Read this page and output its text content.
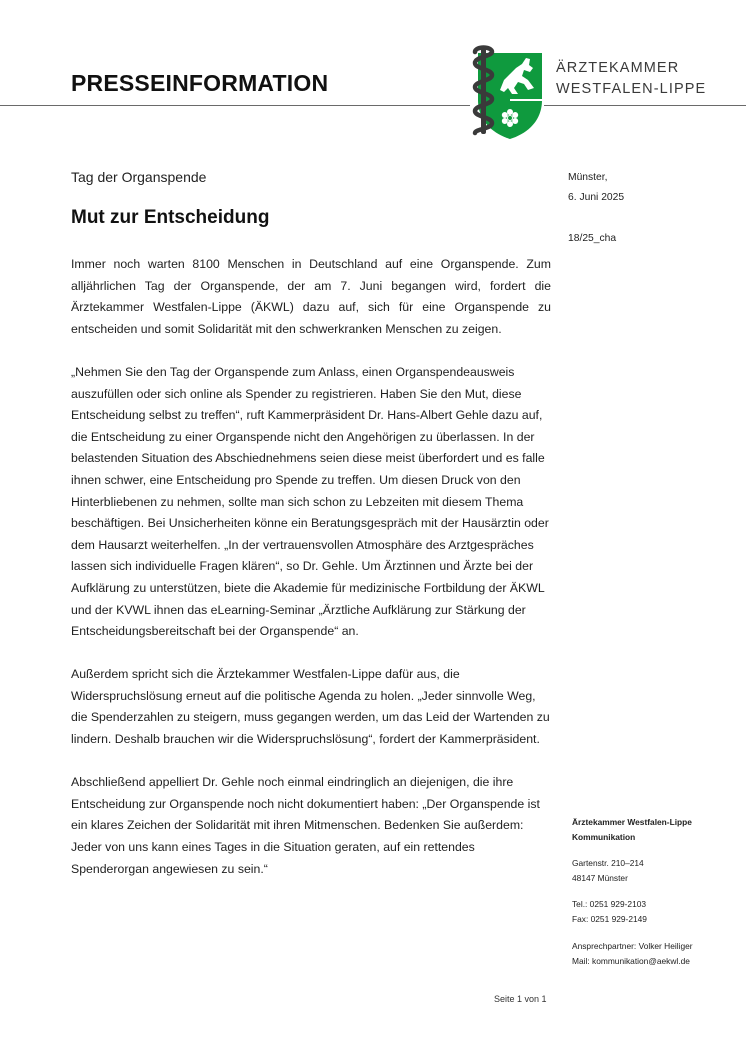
PRESSEINFORMATION
ÄRZTEKAMMER
WESTFALEN-LIPPE
Tag der Organspende
Mut zur Entscheidung

Immer noch warten 8100 Menschen in Deutschland auf eine Organspende. Zum alljährlichen Tag der Organspende, der am 7. Juni begangen wird, fordert die Ärztekammer Westfalen-Lippe (ÄKWL) dazu auf, sich für eine Organspende zu entscheiden und somit Solidarität mit den schwerkranken Menschen zu zeigen.

„Nehmen Sie den Tag der Organspende zum Anlass, einen Organspendeausweis auszufüllen oder sich online als Spender zu registrieren. Haben Sie den Mut, diese Entscheidung selbst zu treffen“, ruft Kammerpräsident Dr. Hans-Albert Gehle dazu auf, die Entscheidung zu einer Organspende nicht den Angehörigen zu überlassen. In der belastenden Situation des Abschiednehmens seien diese meist überfordert und es falle ihnen schwer, eine Entscheidung pro Spende zu treffen. Um diesen Druck von den Hinterbliebenen zu nehmen, sollte man sich schon zu Lebzeiten mit diesem Thema beschäftigen. Bei Unsicherheiten könne ein Beratungsgespräch mit der Hausärztin oder dem Hausarzt weiterhelfen. „In der vertrauensvollen Atmosphäre des Arztgespräches lassen sich individuelle Fragen klären“, so Dr. Gehle. Um Ärztinnen und Ärzte bei der Aufklärung zu unterstützen, biete die Akademie für medizinische Fortbildung der ÄKWL und der KVWL ihnen das eLearning-Seminar „Ärztliche Aufklärung zur Stärkung der Entscheidungsbereitschaft bei der Organspende“ an.

Außerdem spricht sich die Ärztekammer Westfalen-Lippe dafür aus, die Widerspruchslösung erneut auf die politische Agenda zu holen. „Jeder sinnvolle Weg, die Spenderzahlen zu steigern, muss gegangen werden, um das Leid der Wartenden zu lindern. Deshalb brauchen wir die Widerspruchslösung“, fordert der Kammerpräsident.

Abschließend appelliert Dr. Gehle noch einmal eindringlich an diejenigen, die ihre Entscheidung zur Organspende noch nicht dokumentiert haben: „Der Organspende ist ein klares Zeichen der Solidarität mit ihren Mitmenschen. Bedenken Sie außerdem: Jeder von uns kann eines Tages in die Situation geraten, auf ein rettendes Spenderorgan angewiesen zu sein.“

Münster,
6. Juni 2025
18/25_cha
Ärztekammer Westfalen-Lippe
Kommunikation
Gartenstr. 210–214
48147 Münster
Tel.: 0251 929-2103
Fax: 0251 929-2149
Ansprechpartner: Volker Heiliger
Mail: kommunikation@aekwl.de
Seite 1 von 1
